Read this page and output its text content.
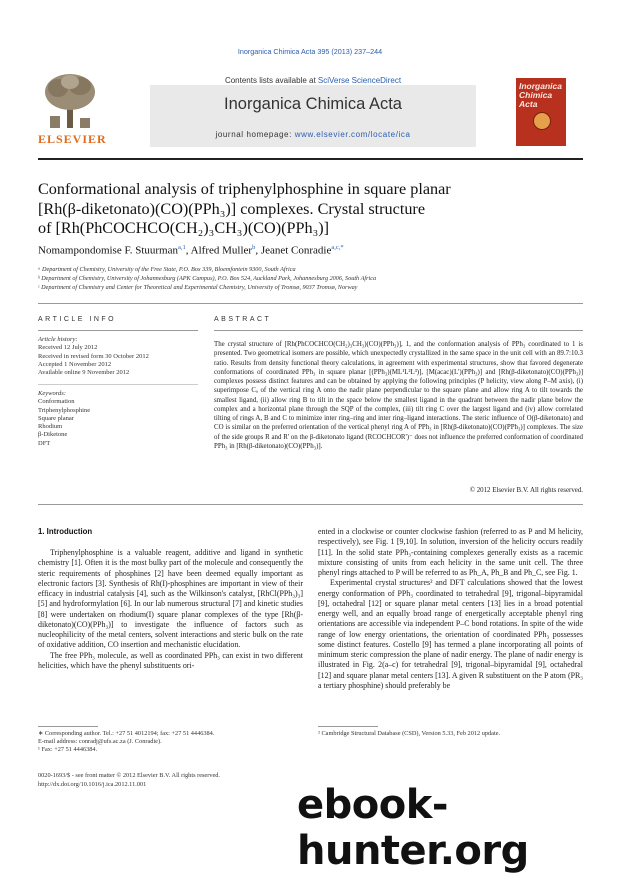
Inorganica Chimica Acta 395 (2013) 237–244
ELSEVIER
Contents lists available at SciVerse ScienceDirect
Inorganica Chimica Acta
journal homepage: www.elsevier.com/locate/ica
Inorganica Chimica Acta
Conformational analysis of triphenylphosphine in square planar
[Rh(β-diketonato)(CO)(PPh₃)] complexes. Crystal structure
of [Rh(PhCOCHCO(CH₂)₃CH₃)(CO)(PPh₃)]
Nomampondomise F. Stuurman$^{a,1}$, Alfred Muller$^b$, Jeanet Conradie$^{a,c,*}$
ᵃ Department of Chemistry, University of the Free State, P.O. Box 339, Bloemfontein 9300, South Africa
ᵇ Department of Chemistry, University of Johannesburg (APK Campus), P.O. Box 524, Auckland Park, Johannesburg 2006, South Africa
ᶜ Department of Chemistry and Center for Theoretical and Experimental Chemistry, University of Tromsø, 9037 Tromsø, Norway
ARTICLE INFO
Article history:
Received 12 July 2012
Received in revised form 30 October 2012
Accepted 1 November 2012
Available online 9 November 2012
Keywords:
Conformation
Triphenylphosphine
Square planar
Rhodium
β-Diketone
DFT
ABSTRACT
The crystal structure of [Rh(PhCOCHCO(CH₂)₃CH₃)(CO)(PPh₃)], 1, and the conformation analysis of PPh₃ coordinated to 1 is presented. Two geometrical isomers are possible, which unexpectedly crystallized in the same space in the unit cell with an 89.7:10.3 ratio. Results from density functional theory calculations, in agreement with experimental structures, show that favored degenerate conformations of coordinated PPh₃ in square planar [(PPh₃)(ML¹L²L³)], [M(acac)(L')(PPh₃)] and [Rh(β-diketonato)(CO)(PPh₃)] complexes possess distinct features and can be obtained by applying the following principles (P helicity, view along P–M axis), (i) superimpose Cₐ of the vertical ring A onto the nadir plane perpendicular to the square plane and allow ring A to tilt towards the smallest ligand, (ii) allow ring B to tilt in the space below the smallest ligand in the quadrant between the nadir plane below the complex and a horizontal plane through the SQP of the complex, (iii) tilt ring C over the largest ligand and (iv) allow correlated tilting of rings A, B and C to minimize inter ring–ring and inter ring–ligand interactions. The steric influence of O(β-diketonato) and CO is similar on the preferred orientation of the vertical phenyl ring A of PPh₃ in [Rh(β-diketonato)(CO)(PPh₃)] complexes. The size of the side groups R and R' on the β-diketonato ligand (RCOCHCOR')⁻ does not influence the preferred conformation of coordinated PPh₃ in [Rh(β-diketonato)(CO)(PPh₃)].
© 2012 Elsevier B.V. All rights reserved.
1. Introduction

Triphenylphosphine is a valuable reagent, additive and ligand in synthetic chemistry [1]. Often it is the most bulky part of the molecule and consequently the steric requirements of phosphines [2] have been deemed equally important as electronic factors [3]. Synthesis of Rh(I)-phosphines are important in view of their efficacy in industrial catalysis [4], such as the Wilkinson's catalyst, [RhCl(PPh₃)₃] [5] and hydroformylation [6]. In our lab numerous structural [7] and kinetic studies [8] were undertaken on rhodium(I) square planar complexes of the type [Rh(β-diketonato)(CO)(PPh₃)] to investigate the influence of factors such as nucleophilicity of the metal centers, solvent interactions and steric bulk on the rate of oxidative addition, CO insertion and mechanistic elucidation.

The free PPh₃ molecule, as well as coordinated PPh₃ can exist in two different helicities, which have the phenyl substituents ori-

ented in a clockwise or counter clockwise fashion (referred to as P and M helicity, respectively), see Fig. 1 [9,10]. In solution, inversion of the helicity occurs readily [11]. In the solid state PPh₃-containing complexes generally exists as a racemic mixture consisting of units from each helicity in the same unit cell. The three phenyl rings attached to P will be referred to as Ph_A, Ph_B and Ph_C, see Fig. 1.

Experimental crystal structures² and DFT calculations showed that the lowest energy conformation of PPh₃ coordinated to tetrahedral [9], trigonal–bipyramidal [9], octahedral [12] or square planar metal centers [13] lies in a broad potential energy well, and an equally broad range of energetically acceptable phenyl ring orientations are accessible via independent P–C bond rotations. In spite of the wide range of low energy orientations, the orientation of coordinated PPh₃ possesses some distinct features. Costello [9] has termed a plane incorporating all points of minimum steric compression the plane of nadir energy. The plane of nadir energy is illustrated in Fig. 2(a–c) for tetrahedral [9], trigonal–bipyramidal [9], octahedral [12] and square planar metal centers [13]. A given R substituent on the P atom (PR₃ a tertiary phosphine) should preferably be

∗ Corresponding author. Tel.: +27 51 4012194; fax: +27 51 4446384.
E-mail address: conradj@ufs.ac.za (J. Conradie).
¹ Fax: +27 51 4446384.
² Cambridge Structural Database (CSD), Version 5.33, Feb 2012 update.
0020-1693/$ - see front matter © 2012 Elsevier B.V. All rights reserved.
http://dx.doi.org/10.1016/j.ica.2012.11.001	ebook-hunter.org
